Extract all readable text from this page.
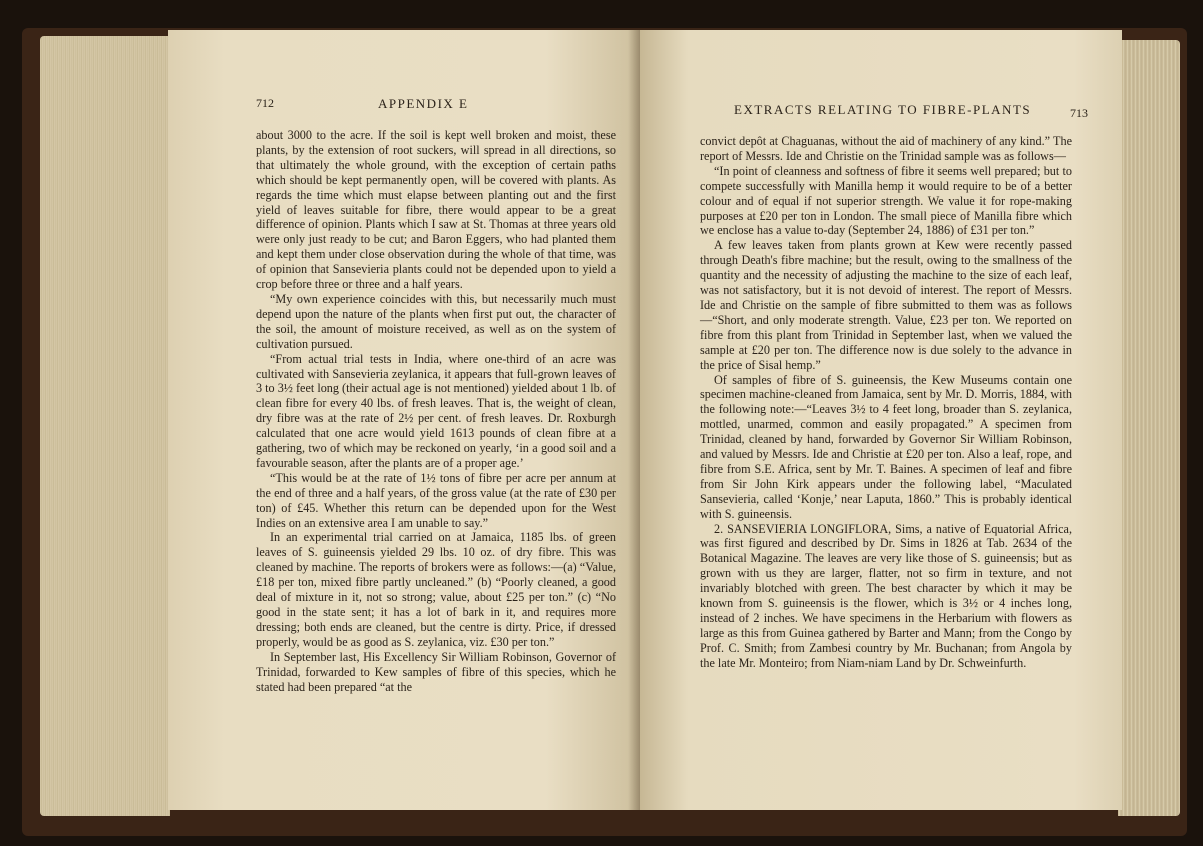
712	APPENDIX E

about 3000 to the acre. If the soil is kept well broken and moist, these plants, by the extension of root suckers, will spread in all directions, so that ultimately the whole ground, with the exception of certain paths which should be kept permanently open, will be covered with plants. As regards the time which must elapse between planting out and the first yield of leaves suitable for fibre, there would appear to be a great difference of opinion. Plants which I saw at St. Thomas at three years old were only just ready to be cut; and Baron Eggers, who had planted them and kept them under close observation during the whole of that time, was of opinion that Sansevieria plants could not be depended upon to yield a crop before three or three and a half years.

“My own experience coincides with this, but necessarily much must depend upon the nature of the plants when first put out, the character of the soil, the amount of moisture received, as well as on the system of cultivation pursued.

“From actual trial tests in India, where one-third of an acre was cultivated with Sansevieria zeylanica, it appears that full-grown leaves of 3 to 3½ feet long (their actual age is not mentioned) yielded about 1 lb. of clean fibre for every 40 lbs. of fresh leaves. That is, the weight of clean, dry fibre was at the rate of 2½ per cent. of fresh leaves. Dr. Roxburgh calculated that one acre would yield 1613 pounds of clean fibre at a gathering, two of which may be reckoned on yearly, ‘in a good soil and a favourable season, after the plants are of a proper age.’

“This would be at the rate of 1½ tons of fibre per acre per annum at the end of three and a half years, of the gross value (at the rate of £30 per ton) of £45. Whether this return can be depended upon for the West Indies on an extensive area I am unable to say.”

In an experimental trial carried on at Jamaica, 1185 lbs. of green leaves of S. guineensis yielded 29 lbs. 10 oz. of dry fibre. This was cleaned by machine. The reports of brokers were as follows:—(a) “Value, £18 per ton, mixed fibre partly uncleaned.” (b) “Poorly cleaned, a good deal of mixture in it, not so strong; value, about £25 per ton.” (c) “No good in the state sent; it has a lot of bark in it, and requires more dressing; both ends are cleaned, but the centre is dirty. Price, if dressed properly, would be as good as S. zeylanica, viz. £30 per ton.”

In September last, His Excellency Sir William Robinson, Governor of Trinidad, forwarded to Kew samples of fibre of this species, which he stated had been prepared “at the

EXTRACTS RELATING TO FIBRE-PLANTS	713

convict depôt at Chaguanas, without the aid of machinery of any kind.” The report of Messrs. Ide and Christie on the Trinidad sample was as follows—

“In point of cleanness and softness of fibre it seems well prepared; but to compete successfully with Manilla hemp it would require to be of a better colour and of equal if not superior strength. We value it for rope-making purposes at £20 per ton in London. The small piece of Manilla fibre which we enclose has a value to-day (September 24, 1886) of £31 per ton.”

A few leaves taken from plants grown at Kew were recently passed through Death's fibre machine; but the result, owing to the smallness of the quantity and the necessity of adjusting the machine to the size of each leaf, was not satisfactory, but it is not devoid of interest. The report of Messrs. Ide and Christie on the sample of fibre submitted to them was as follows—“Short, and only moderate strength. Value, £23 per ton. We reported on fibre from this plant from Trinidad in September last, when we valued the sample at £20 per ton. The difference now is due solely to the advance in the price of Sisal hemp.”

Of samples of fibre of S. guineensis, the Kew Museums contain one specimen machine-cleaned from Jamaica, sent by Mr. D. Morris, 1884, with the following note:—“Leaves 3½ to 4 feet long, broader than S. zeylanica, mottled, unarmed, common and easily propagated.” A specimen from Trinidad, cleaned by hand, forwarded by Governor Sir William Robinson, and valued by Messrs. Ide and Christie at £20 per ton. Also a leaf, rope, and fibre from S.E. Africa, sent by Mr. T. Baines. A specimen of leaf and fibre from Sir John Kirk appears under the following label, “Maculated Sansevieria, called ‘Konje,’ near Laputa, 1860.” This is probably identical with S. guineensis.

2. SANSEVIERIA LONGIFLORA, Sims, a native of Equatorial Africa, was first figured and described by Dr. Sims in 1826 at Tab. 2634 of the Botanical Magazine. The leaves are very like those of S. guineensis; but as grown with us they are larger, flatter, not so firm in texture, and not invariably blotched with green. The best character by which it may be known from S. guineensis is the flower, which is 3½ or 4 inches long, instead of 2 inches. We have specimens in the Herbarium with flowers as large as this from Guinea gathered by Barter and Mann; from the Congo by Prof. C. Smith; from Zambesi country by Mr. Buchanan; from Angola by the late Mr. Monteiro; from Niam-niam Land by Dr. Schweinfurth.
